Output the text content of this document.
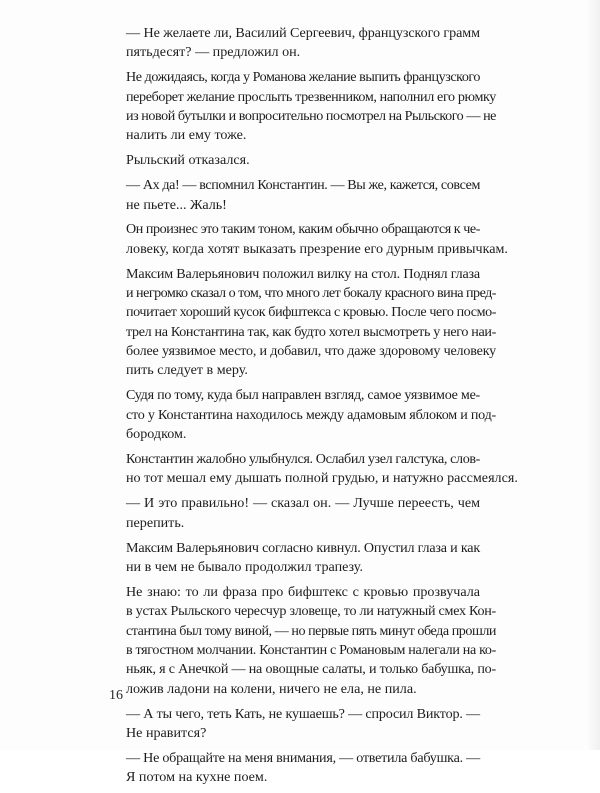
— Не желаете ли, Василий Сергеевич, французского грамм
пятьдесят? — предложил он.

Не дожидаясь, когда у Романова желание выпить французского
переборет желание прослыть трезвенником, наполнил его рюмку
из новой бутылки и вопросительно посмотрел на Рыльского — не
налить ли ему тоже.

Рыльский отказался.

— Ах да! — вспомнил Константин. — Вы же, кажется, совсем
не пьете... Жаль!

Он произнес это таким тоном, каким обычно обращаются к че-
ловеку, когда хотят выказать презрение его дурным привычкам.

Максим Валерьянович положил вилку на стол. Поднял глаза
и негромко сказал о том, что много лет бокалу красного вина пред-
почитает хороший кусок бифштекса с кровью. После чего посмо-
трел на Константина так, как будто хотел высмотреть у него наи-
более уязвимое место, и добавил, что даже здоровому человеку
пить следует в меру.

Судя по тому, куда был направлен взгляд, самое уязвимое ме-
сто у Константина находилось между адамовым яблоком и под-
бородком.

Константин жалобно улыбнулся. Ослабил узел галстука, слов-
но тот мешал ему дышать полной грудью, и натужно рассмеялся.

— И это правильно! — сказал он. — Лучше переесть, чем
перепить.

Максим Валерьянович согласно кивнул. Опустил глаза и как
ни в чем не бывало продолжил трапезу.

Не знаю: то ли фраза про бифштекс с кровью прозвучала
в устах Рыльского чересчур зловеще, то ли натужный смех Кон-
стантина был тому виной, — но первые пять минут обеда прошли
в тягостном молчании. Константин с Романовым налегали на ко-
ньяк, я с Анечкой — на овощные салаты, и только бабушка, по-
ложив ладони на колени, ничего не ела, не пила.

— А ты чего, теть Кать, не кушаешь? — спросил Виктор. —
Не нравится?

— Не обращайте на меня внимания, — ответила бабушка. —
Я потом на кухне поем.

16
